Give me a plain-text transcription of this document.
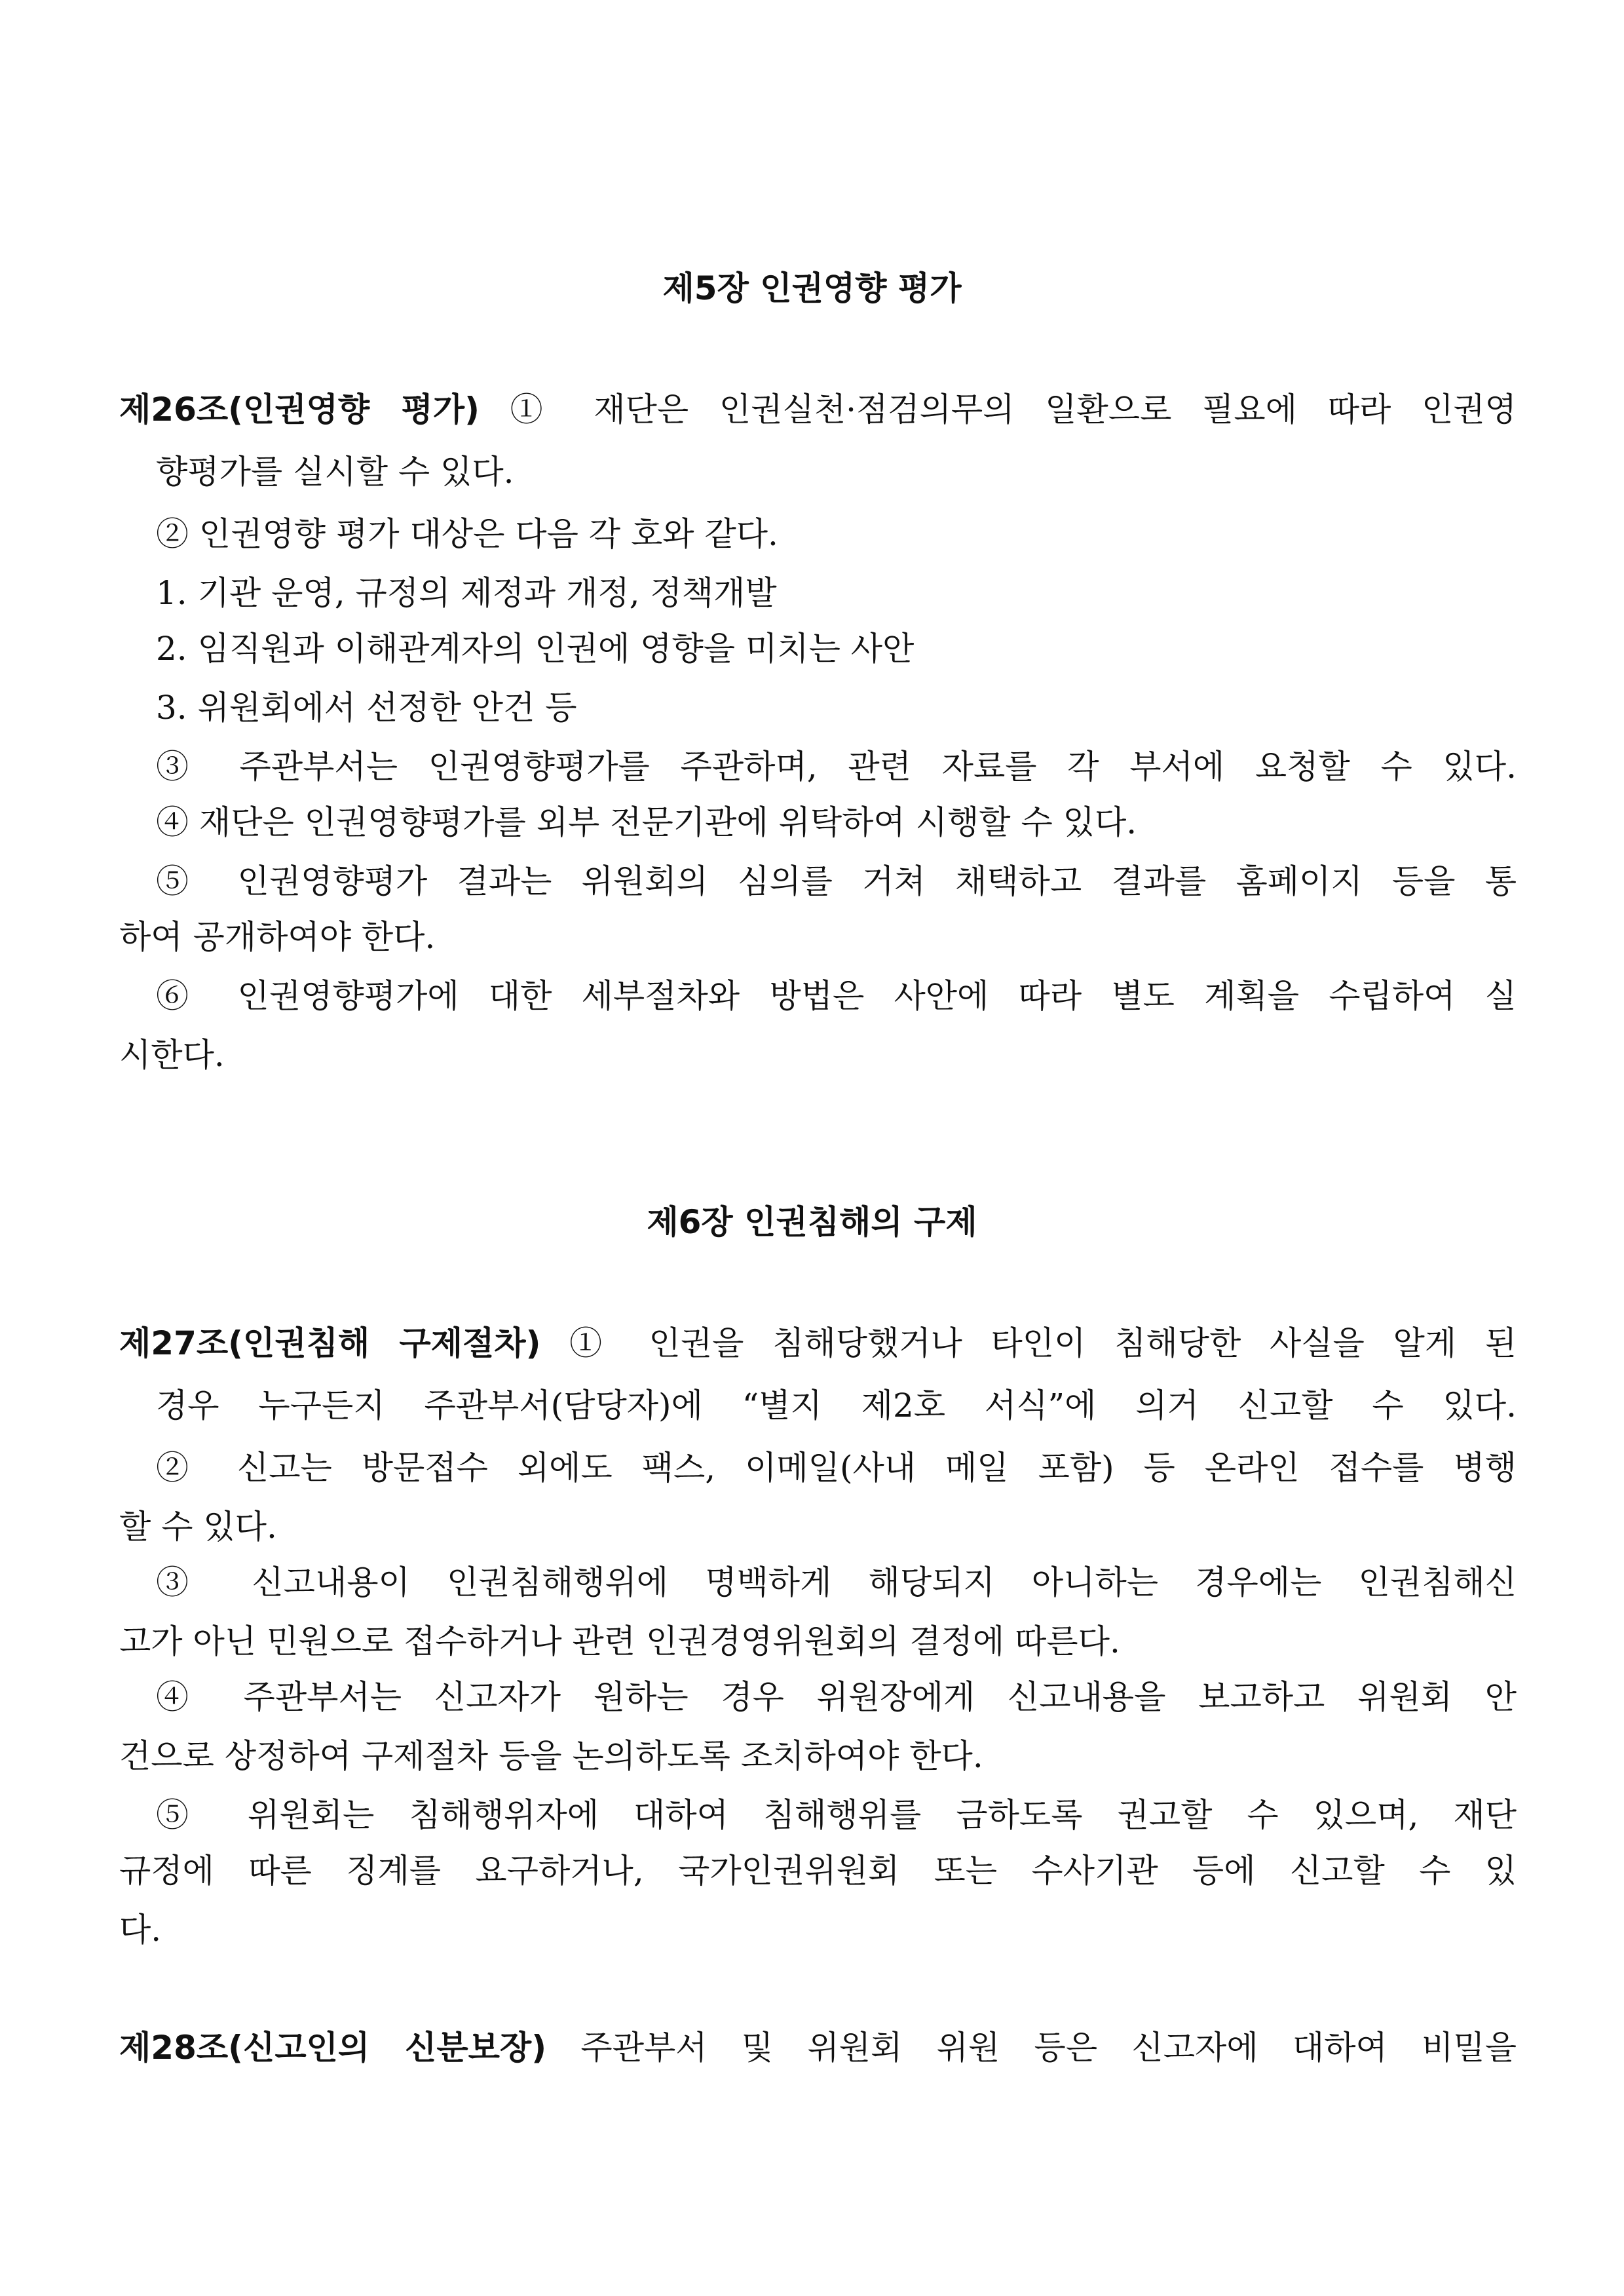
제5장 인권영향 평가
제26조(인권영향 평가) ① 재단은 인권실천·점검의무의 일환으로 필요에 따라 인권영
향평가를 실시할 수 있다.
② 인권영향 평가 대상은 다음 각 호와 같다.
1. 기관 운영, 규정의 제정과 개정, 정책개발
2. 임직원과 이해관계자의 인권에 영향을 미치는 사안
3. 위원회에서 선정한 안건 등
③ 주관부서는 인권영향평가를 주관하며, 관련 자료를 각 부서에 요청할 수 있다.
④ 재단은 인권영향평가를 외부 전문기관에 위탁하여 시행할 수 있다.
⑤ 인권영향평가 결과는 위원회의 심의를 거쳐 채택하고 결과를 홈페이지 등을 통
하여 공개하여야 한다.
⑥ 인권영향평가에 대한 세부절차와 방법은 사안에 따라 별도 계획을 수립하여 실
시한다.
제6장 인권침해의 구제
제27조(인권침해 구제절차) ① 인권을 침해당했거나 타인이 침해당한 사실을 알게 된
경우 누구든지 주관부서(담당자)에 “별지 제2호 서식”에 의거 신고할 수 있다.
② 신고는 방문접수 외에도 팩스, 이메일(사내 메일 포함) 등 온라인 접수를 병행
할 수 있다.
③ 신고내용이 인권침해행위에 명백하게 해당되지 아니하는 경우에는 인권침해신
고가 아닌 민원으로 접수하거나 관련 인권경영위원회의 결정에 따른다.
④ 주관부서는 신고자가 원하는 경우 위원장에게 신고내용을 보고하고 위원회 안
건으로 상정하여 구제절차 등을 논의하도록 조치하여야 한다.
⑤ 위원회는 침해행위자에 대하여 침해행위를 금하도록 권고할 수 있으며, 재단
규정에 따른 징계를 요구하거나, 국가인권위원회 또는 수사기관 등에 신고할 수 있
다.
제28조(신고인의 신분보장) 주관부서 및 위원회 위원 등은 신고자에 대하여 비밀을
